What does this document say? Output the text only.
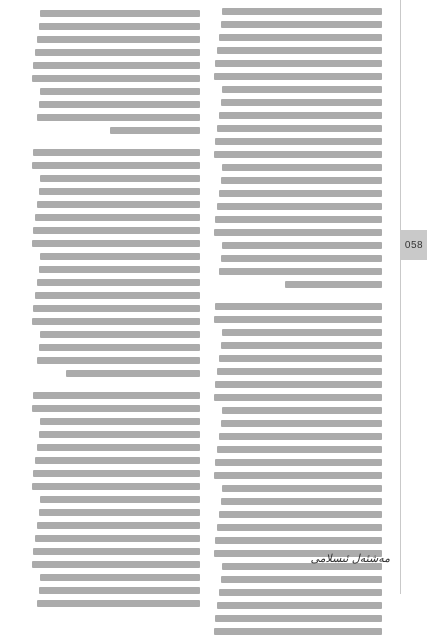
058
مەشئەل ئىسلامى
